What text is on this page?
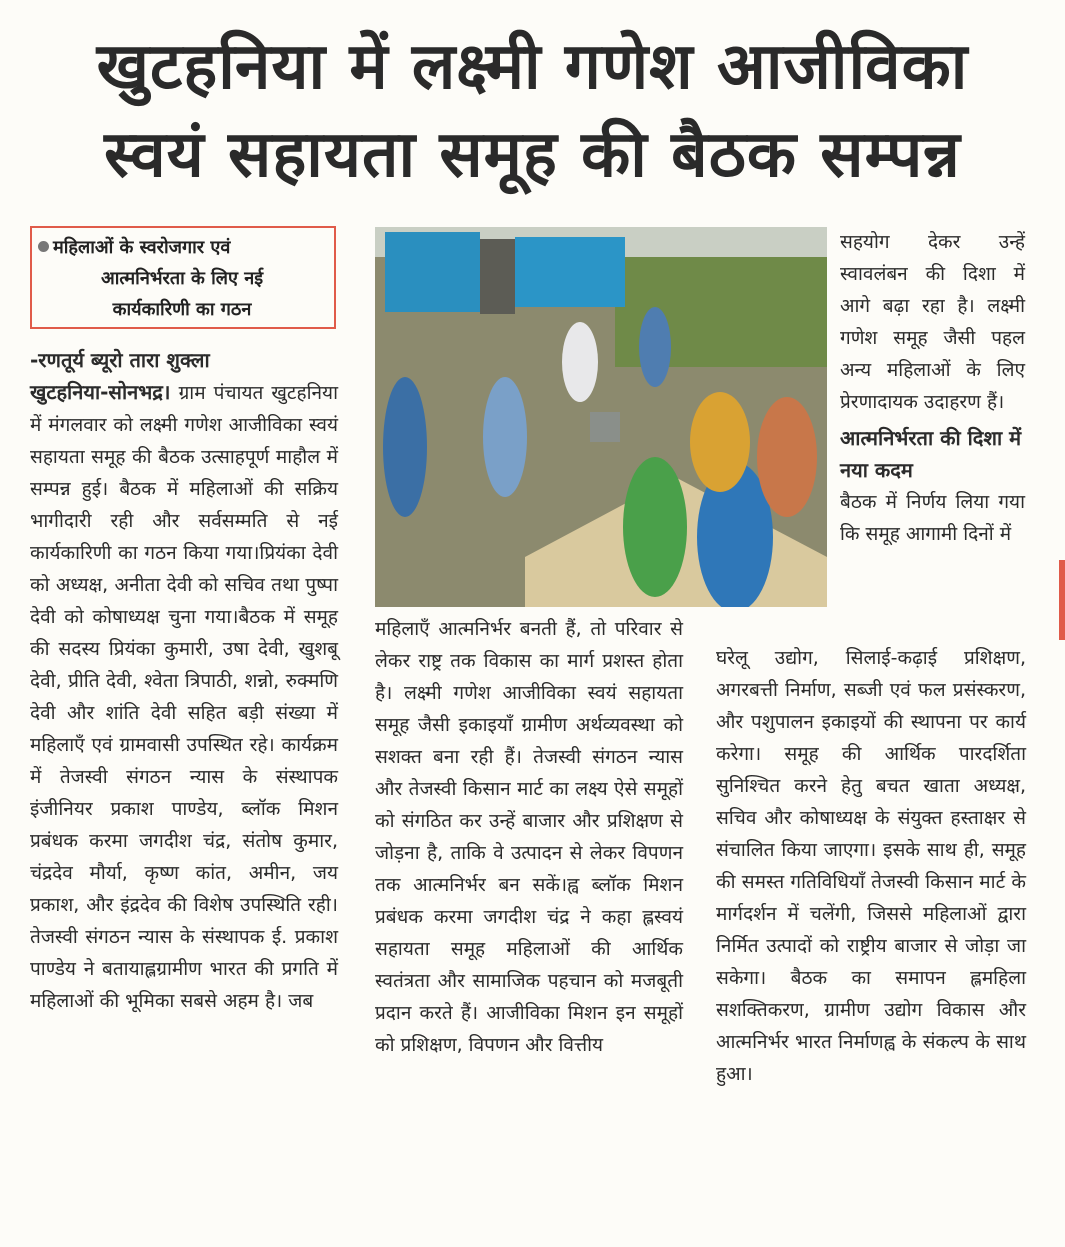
खुटहनिया में लक्ष्मी गणेश आजीविका
स्वयं सहायता समूह की बैठक सम्पन्न
महिलाओं के स्वरोजगार एवं
आत्मनिर्भरता के लिए नई
कार्यकारिणी का गठन
-रणतूर्य ब्यूरो तारा शुक्ला

खुटहनिया-सोनभद्र। ग्राम पंचायत खुटहनिया में मंगलवार को लक्ष्मी गणेश आजीविका स्वयं सहायता समूह की बैठक उत्साहपूर्ण माहौल में सम्पन्न हुई। बैठक में महिलाओं की सक्रिय भागीदारी रही और सर्वसम्मति से नई कार्यकारिणी का गठन किया गया।प्रियंका देवी को अध्यक्ष, अनीता देवी को सचिव तथा पुष्पा देवी को कोषाध्यक्ष चुना गया।बैठक में समूह की सदस्य प्रियंका कुमारी, उषा देवी, खुशबू देवी, प्रीति देवी, श्वेता त्रिपाठी, शन्नो, रुक्मणि देवी और शांति देवी सहित बड़ी संख्या में महिलाएँ एवं ग्रामवासी उपस्थित रहे। कार्यक्रम में तेजस्वी संगठन न्यास के संस्थापक इंजीनियर प्रकाश पाण्डेय, ब्लॉक मिशन प्रबंधक करमा जगदीश चंद्र, संतोष कुमार, चंद्रदेव मौर्या, कृष्ण कांत, अमीन, जय प्रकाश, और इंद्रदेव की विशेष उपस्थिति रही। तेजस्वी संगठन न्यास के संस्थापक ई. प्रकाश पाण्डेय ने बतायाह्लग्रामीण भारत की प्रगति में महिलाओं की भूमिका सबसे अहम है। जब

महिलाएँ आत्मनिर्भर बनती हैं, तो परिवार से लेकर राष्ट्र तक विकास का मार्ग प्रशस्त होता है। लक्ष्मी गणेश आजीविका स्वयं सहायता समूह जैसी इकाइयाँ ग्रामीण अर्थव्यवस्था को सशक्त बना रही हैं। तेजस्वी संगठन न्यास और तेजस्वी किसान मार्ट का लक्ष्य ऐसे समूहों को संगठित कर उन्हें बाजार और प्रशिक्षण से जोड़ना है, ताकि वे उत्पादन से लेकर विपणन तक आत्मनिर्भर बन सकें।ह्व ब्लॉक मिशन प्रबंधक करमा जगदीश चंद्र ने कहा ह्लस्वयं सहायता समूह महिलाओं की आर्थिक स्वतंत्रता और सामाजिक पहचान को मजबूती प्रदान करते हैं। आजीविका मिशन इन समूहों को प्रशिक्षण, विपणन और वित्तीय

सहयोग देकर उन्हें स्वावलंबन की दिशा में आगे बढ़ा रहा है। लक्ष्मी गणेश समूह जैसी पहल अन्य महिलाओं के लिए प्रेरणादायक उदाहरण हैं।

आत्मनिर्भरता की दिशा में नया कदम

बैठक में निर्णय लिया गया कि समूह आगामी दिनों में

घरेलू उद्योग, सिलाई-कढ़ाई प्रशिक्षण, अगरबत्ती निर्माण, सब्जी एवं फल प्रसंस्करण, और पशुपालन इकाइयों की स्थापना पर कार्य करेगा। समूह की आर्थिक पारदर्शिता सुनिश्चित करने हेतु बचत खाता अध्यक्ष, सचिव और कोषाध्यक्ष के संयुक्त हस्ताक्षर से संचालित किया जाएगा। इसके साथ ही, समूह की समस्त गतिविधियाँ तेजस्वी किसान मार्ट के मार्गदर्शन में चलेंगी, जिससे महिलाओं द्वारा निर्मित उत्पादों को राष्ट्रीय बाजार से जोड़ा जा सकेगा। बैठक का समापन ह्लमहिला सशक्तिकरण, ग्रामीण उद्योग विकास और आत्मनिर्भर भारत निर्माणह्व के संकल्प के साथ हुआ।
